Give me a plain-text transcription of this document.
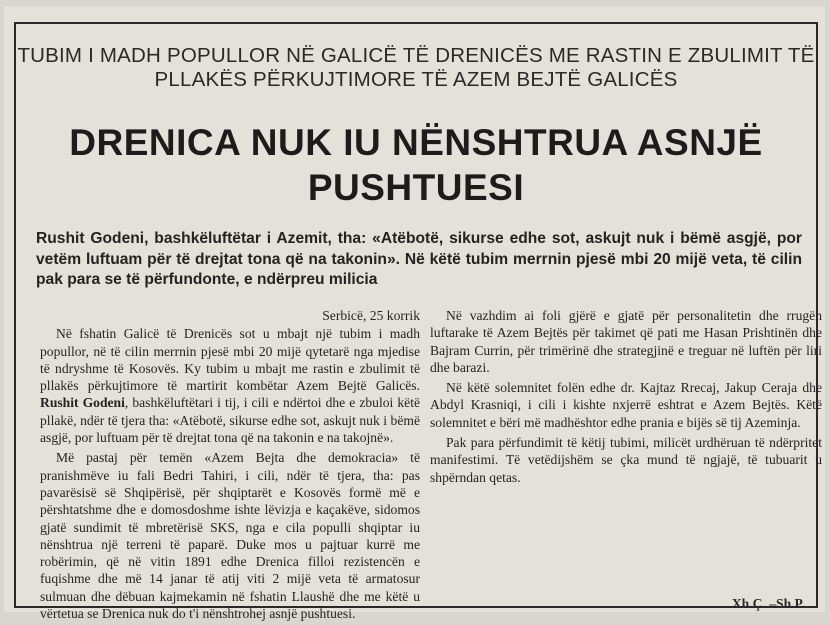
TUBIM I MADH POPULLOR NË GALICË TË DRENICËS ME RASTIN E ZBULIMIT TË PLLAKËS PËRKUJTIMORE TË AZEM BEJTË GALICËS
DRENICA NUK IU NËNSHTRUA ASNJË PUSHTUESI
Rushit Godeni, bashkëluftëtar i Azemit, tha: «Atëbotë, sikurse edhe sot, askujt nuk i bëmë asgjë, por vetëm luftuam për të drejtat tona që na takonin». Në këtë tubim merrnin pjesë mbi 20 mijë veta, të cilin pak para se të përfundonte, e ndërpreu milicia
Serbicë, 25 korrik

Në fshatin Galicë të Drenicës sot u mbajt një tubim i madh popullor, në të cilin merrnin pjesë mbi 20 mijë qytetarë nga mjedise të ndryshme të Kosovës. Ky tubim u mbajt me rastin e zbulimit të pllakës përkujtimore të martirit kombëtar Azem Bejtë Galicës. Rushit Godeni, bashkëluftëtari i tij, i cili e ndërtoi dhe e zbuloi këtë pllakë, ndër të tjera tha: «Atëbotë, sikurse edhe sot, askujt nuk i bëmë asgjë, por luftuam për të drejtat tona që na takonin e na takojnë».

Më pastaj për temën «Azem Bejta dhe demokracia» të pranishmëve iu fali Bedri Tahiri, i cili, ndër të tjera, tha: pas pavarësisë së Shqipërisë, për shqiptarët e Kosovës formë më e përshtatshme dhe e domosdoshme ishte lëvizja e kaçakëve, sidomos gjatë sundimit të mbretërisë SKS, nga e cila populli shqiptar iu nënshtrua një terreni të paparë. Duke mos u pajtuar kurrë me robërimin, që në vitin 1891 edhe Drenica filloi rezistencën e fuqishme dhe më 14 janar të atij viti 2 mijë veta të armatosur sulmuan dhe dëbuan kajmekamin në fshatin Llaushë dhe me këtë u vërtetua se Drenica nuk do t'i nënshtrohej asnjë pushtuesi.

Në vazhdim ai foli gjërë e gjatë për personalitetin dhe rrugën luftarake të Azem Bejtës për takimet që pati me Hasan Prishtinën dhe Bajram Currin, për trimërinë dhe strategjinë e treguar në luftën për liri dhe barazi.

Në këtë solemnitet folën edhe dr. Kajtaz Rrecaj, Jakup Ceraja dhe Abdyl Krasniqi, i cili i kishte nxjerrë eshtrat e Azem Bejtës. Këtë solemnitet e bëri më madhështor edhe prania e bijës së tij Azeminja.

Pak para përfundimit të këtij tubimi, milicët urdhëruan të ndërpritet manifestimi. Të vetëdijshëm se çka mund të ngjajë, të tubuarit u shpërndan qetas.

Xh.Ç. –Sh.P.
